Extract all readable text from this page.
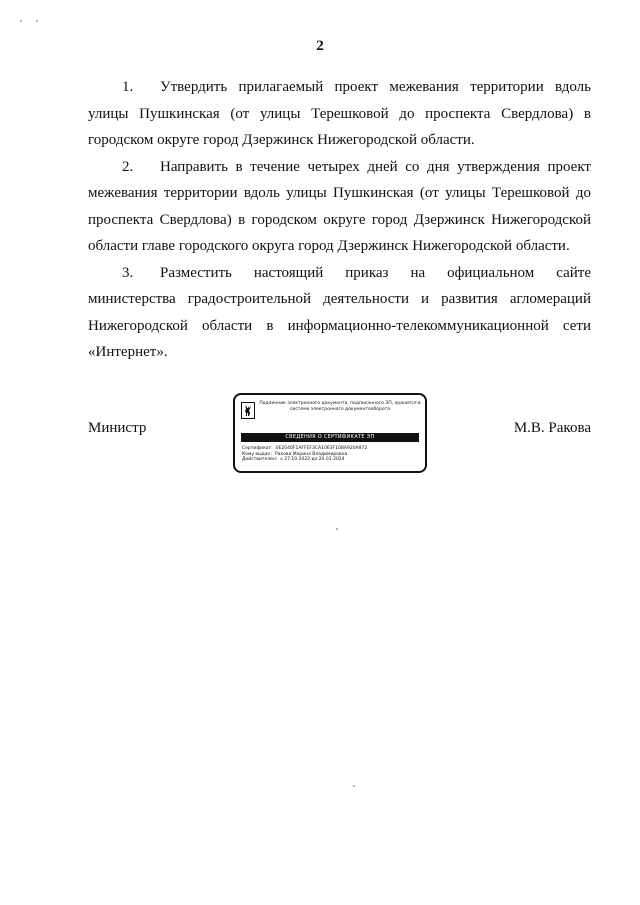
2

1. Утвердить прилагаемый проект межевания территории вдоль улицы Пушкинская (от улицы Терешковой до проспекта Свердлова) в городском округе город Дзержинск Нижегородской области.

2. Направить в течение четырех дней со дня утверждения проект межевания территории вдоль улицы Пушкинская (от улицы Терешковой до проспекта Свердлова) в городском округе город Дзержинск Нижегородской области главе городского округа город Дзержинск Нижегородской области.

3. Разместить настоящий приказ на официальном сайте министерства градостроительной деятельности и развития агломераций Нижегородской области в информационно-телекоммуникационной сети «Интернет».

Министр	М.В. Ракова
Подлинник электронного документа, подписанного ЭП, хранится в системе электронного документооборота
СВЕДЕНИЯ О СЕРТИФИКАТЕ ЭП
Сертификат: 0E2040F1AFFEF3CA1063F10BA920A972
Кому выдан: Ракова Марина Владимировна
Действителен: с 27.10.2022 до 20.01.2024
